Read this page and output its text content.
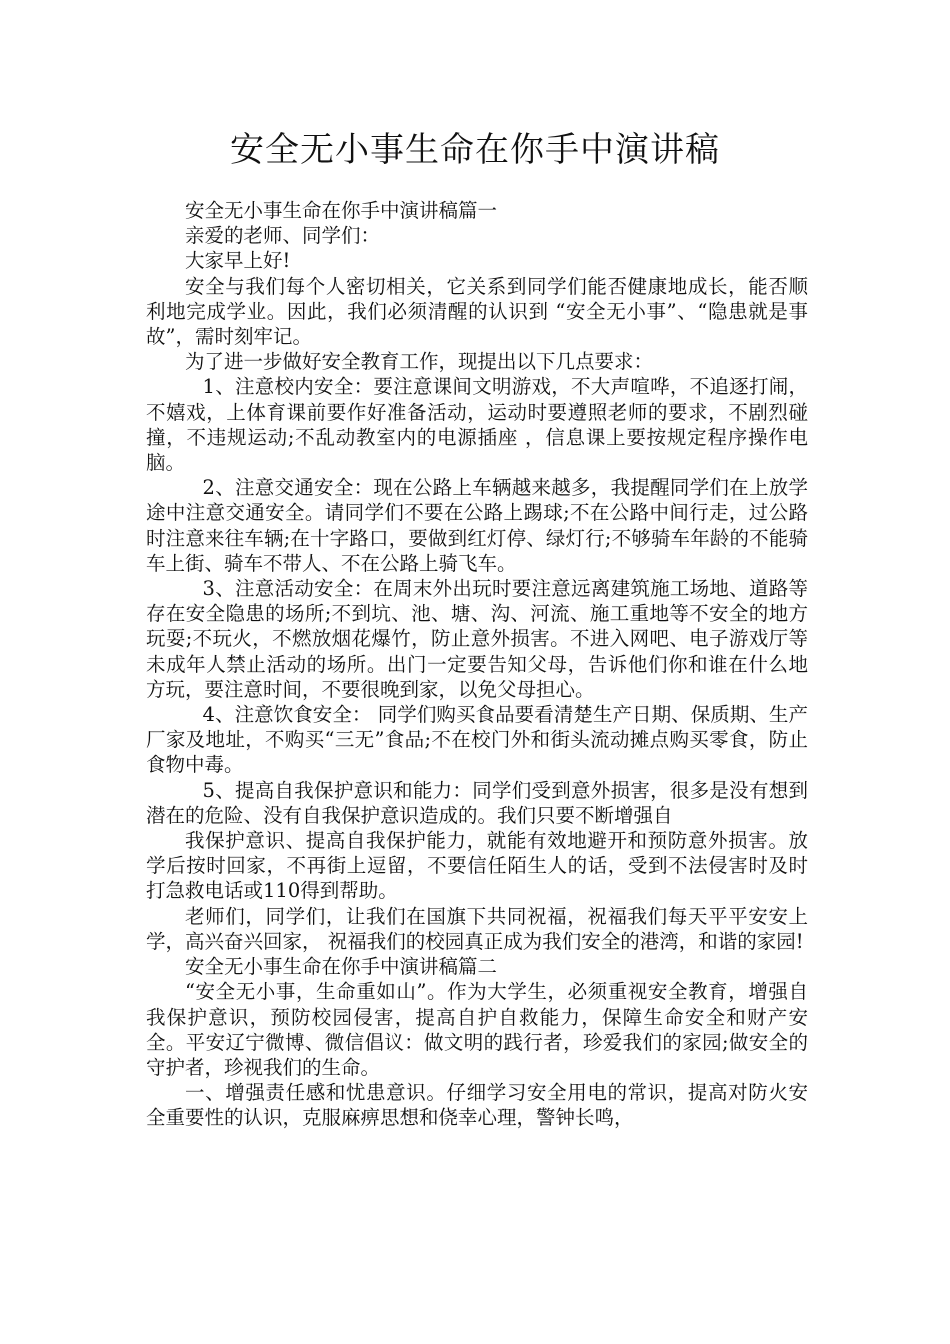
安全无小事生命在你手中演讲稿

安全无小事生命在你手中演讲稿篇一

亲爱的老师、同学们：

大家早上好!

安全与我们每个人密切相关，它关系到同学们能否健康地成长，能否顺利地完成学业。因此，我们必须清醒的认识到 “安全无小事”、“隐患就是事故”，需时刻牢记。

为了进一步做好安全教育工作，现提出以下几点要求：

1、注意校内安全：要注意课间文明游戏，不大声喧哗，不追逐打闹，不嬉戏，上体育课前要作好准备活动，运动时要遵照老师的要求，不剧烈碰撞，不违规运动;不乱动教室内的电源插座 ，信息课上要按规定程序操作电脑。

2、注意交通安全：现在公路上车辆越来越多，我提醒同学们在上放学途中注意交通安全。请同学们不要在公路上踢球;不在公路中间行走，过公路时注意来往车辆;在十字路口，要做到红灯停、绿灯行;不够骑车年龄的不能骑车上街、骑车不带人、不在公路上骑飞车。

3、注意活动安全：在周末外出玩时要注意远离建筑施工场地、道路等存在安全隐患的场所;不到坑、池、塘、沟、河流、施工重地等不安全的地方玩耍;不玩火，不燃放烟花爆竹，防止意外损害。不进入网吧、电子游戏厅等未成年人禁止活动的场所。出门一定要告知父母，告诉他们你和谁在什么地方玩，要注意时间，不要很晚到家，以免父母担心。

4、注意饮食安全： 同学们购买食品要看清楚生产日期、保质期、生产厂家及地址，不购买“三无”食品;不在校门外和街头流动摊点购买零食，防止食物中毒。

5、提高自我保护意识和能力：同学们受到意外损害，很多是没有想到潜在的危险、没有自我保护意识造成的。我们只要不断增强自

我保护意识、提高自我保护能力，就能有效地避开和预防意外损害。放学后按时回家，不再街上逗留，不要信任陌生人的话，受到不法侵害时及时打急救电话或110得到帮助。

老师们，同学们，让我们在国旗下共同祝福，祝福我们每天平平安安上学，高兴奋兴回家， 祝福我们的校园真正成为我们安全的港湾，和谐的家园!

安全无小事生命在你手中演讲稿篇二

“安全无小事，生命重如山”。作为大学生，必须重视安全教育，增强自我保护意识，预防校园侵害，提高自护自救能力，保障生命安全和财产安全。平安辽宁微博、微信倡议：做文明的践行者，珍爱我们的家园;做安全的守护者，珍视我们的生命。

一、增强责任感和忧患意识。仔细学习安全用电的常识，提高对防火安全重要性的认识，克服麻痹思想和侥幸心理，警钟长鸣，
